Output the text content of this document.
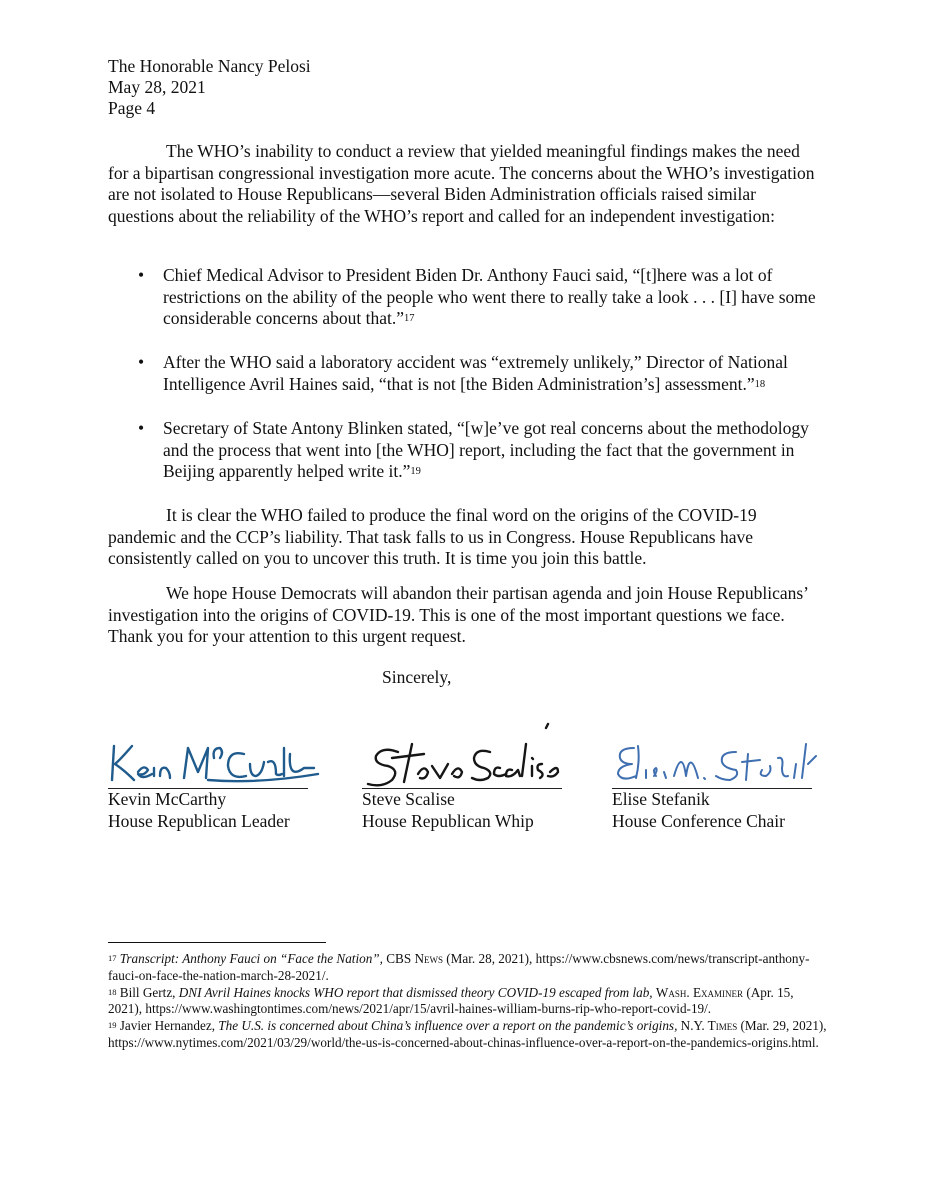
The Honorable Nancy Pelosi
May 28, 2021
Page 4

The WHO’s inability to conduct a review that yielded meaningful findings makes the need for a bipartisan congressional investigation more acute. The concerns about the WHO’s investigation are not isolated to House Republicans—several Biden Administration officials raised similar questions about the reliability of the WHO’s report and called for an independent investigation:

• Chief Medical Advisor to President Biden Dr. Anthony Fauci said, “[t]here was a lot of restrictions on the ability of the people who went there to really take a look . . . [I] have some considerable concerns about that.”$^{17}$
• After the WHO said a laboratory accident was “extremely unlikely,” Director of National Intelligence Avril Haines said, “that is not [the Biden Administration’s] assessment.”$^{18}$
• Secretary of State Antony Blinken stated, “[w]e’ve got real concerns about the methodology and the process that went into [the WHO] report, including the fact that the government in Beijing apparently helped write it.”$^{19}$

It is clear the WHO failed to produce the final word on the origins of the COVID-19 pandemic and the CCP’s liability. That task falls to us in Congress. House Republicans have consistently called on you to uncover this truth. It is time you join this battle.

We hope House Democrats will abandon their partisan agenda and join House Republicans’ investigation into the origins of COVID-19. This is one of the most important questions we face. Thank you for your attention to this urgent request.

Sincerely,
Kevin McCarthy
House Republican Leader
Steve Scalise
House Republican Whip
Elise Stefanik
House Conference Chair

$^{17}$ Transcript: Anthony Fauci on “Face the Nation”, CBS News (Mar. 28, 2021), https://www.cbsnews.com/news/transcript-anthony-fauci-on-face-the-nation-march-28-2021/.

$^{18}$ Bill Gertz, DNI Avril Haines knocks WHO report that dismissed theory COVID-19 escaped from lab, Wash. Examiner (Apr. 15, 2021), https://www.washingtontimes.com/news/2021/apr/15/avril-haines-william-burns-rip-who-report-covid-19/.

$^{19}$ Javier Hernandez, The U.S. is concerned about China’s influence over a report on the pandemic’s origins, N.Y. Times (Mar. 29, 2021), https://www.nytimes.com/2021/03/29/world/the-us-is-concerned-about-chinas-influence-over-a-report-on-the-pandemics-origins.html.
